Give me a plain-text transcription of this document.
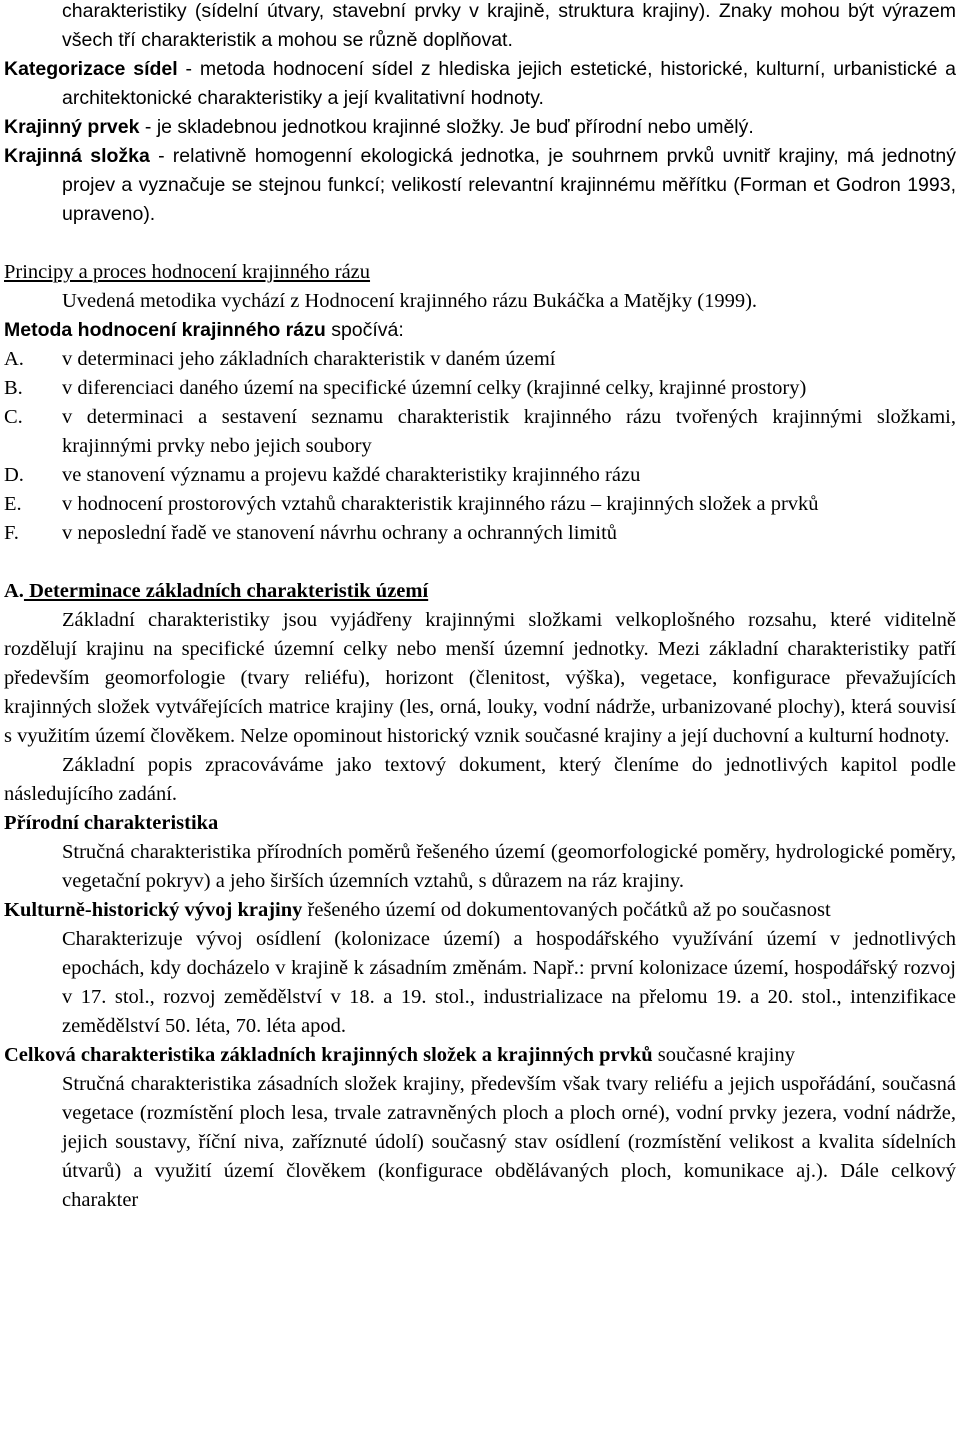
charakteristiky (sídelní útvary, stavební prvky v krajině, struktura krajiny). Znaky mohou být výrazem všech tří charakteristik a mohou se různě doplňovat.

Kategorizace sídel - metoda hodnocení sídel z hlediska jejich estetické, historické, kulturní, urbanistické a architektonické charakteristiky a její kvalitativní hodnoty.

Krajinný prvek - je skladebnou jednotkou krajinné složky. Je buď přírodní nebo umělý.

Krajinná složka - relativně homogenní ekologická jednotka, je souhrnem prvků uvnitř krajiny, má jednotný projev a vyznačuje se stejnou funkcí; velikostí relevantní krajinnému měřítku (Forman et Godron 1993, upraveno).

Principy a proces hodnocení krajinného rázu

Uvedená metodika vychází z Hodnocení krajinného rázu Bukáčka a Matějky (1999).

Metoda hodnocení krajinného rázu spočívá:

A.	v determinaci jeho základních charakteristik v daném území
B.	v diferenciaci daného území na specifické územní celky (krajinné celky, krajinné prostory)
C.	v determinaci a sestavení seznamu charakteristik krajinného rázu tvořených krajinnými složkami, krajinnými prvky nebo jejich soubory
D.	ve stanovení významu a projevu každé charakteristiky krajinného rázu
E.	v hodnocení prostorových vztahů charakteristik krajinného rázu – krajinných složek a prvků
F.	v neposlední řadě ve stanovení návrhu ochrany a ochranných limitů

A. Determinace základních charakteristik území

Základní charakteristiky jsou vyjádřeny krajinnými složkami velkoplošného rozsahu, které viditelně rozdělují krajinu na specifické územní celky nebo menší územní jednotky. Mezi základní charakteristiky patří především geomorfologie (tvary reliéfu), horizont (členitost, výška), vegetace, konfigurace převažujících krajinných složek vytvářejících matrice krajiny (les, orná, louky, vodní nádrže, urbanizované plochy), která souvisí s využitím území člověkem. Nelze opominout historický vznik současné krajiny a její duchovní a kulturní hodnoty.

Základní popis zpracováváme jako textový dokument, který členíme do jednotlivých kapitol podle následujícího zadání.

Přírodní charakteristika

Stručná charakteristika přírodních poměrů řešeného území (geomorfologické poměry, hydrologické poměry, vegetační pokryv) a jeho širších územních vztahů, s důrazem na ráz krajiny.

Kulturně-historický vývoj krajiny řešeného území od dokumentovaných počátků až po současnost

Charakterizuje vývoj osídlení (kolonizace území) a hospodářského využívání území v jednotlivých epochách, kdy docházelo v krajině k zásadním změnám. Např.: první kolonizace území, hospodářský rozvoj v 17. stol., rozvoj zemědělství v 18. a 19. stol., industrializace na přelomu 19. a 20. stol., intenzifikace zemědělství 50. léta, 70. léta apod.

Celková charakteristika základních krajinných složek a krajinných prvků současné krajiny

Stručná charakteristika zásadních složek krajiny, především však tvary reliéfu a jejich uspořádání, současná vegetace (rozmístění ploch lesa, trvale zatravněných ploch a ploch orné), vodní prvky jezera, vodní nádrže, jejich soustavy, říční niva, zaříznuté údolí) současný stav osídlení (rozmístění velikost a kvalita sídelních útvarů) a využití území člověkem (konfigurace obdělávaných ploch, komunikace aj.). Dále celkový charakter
